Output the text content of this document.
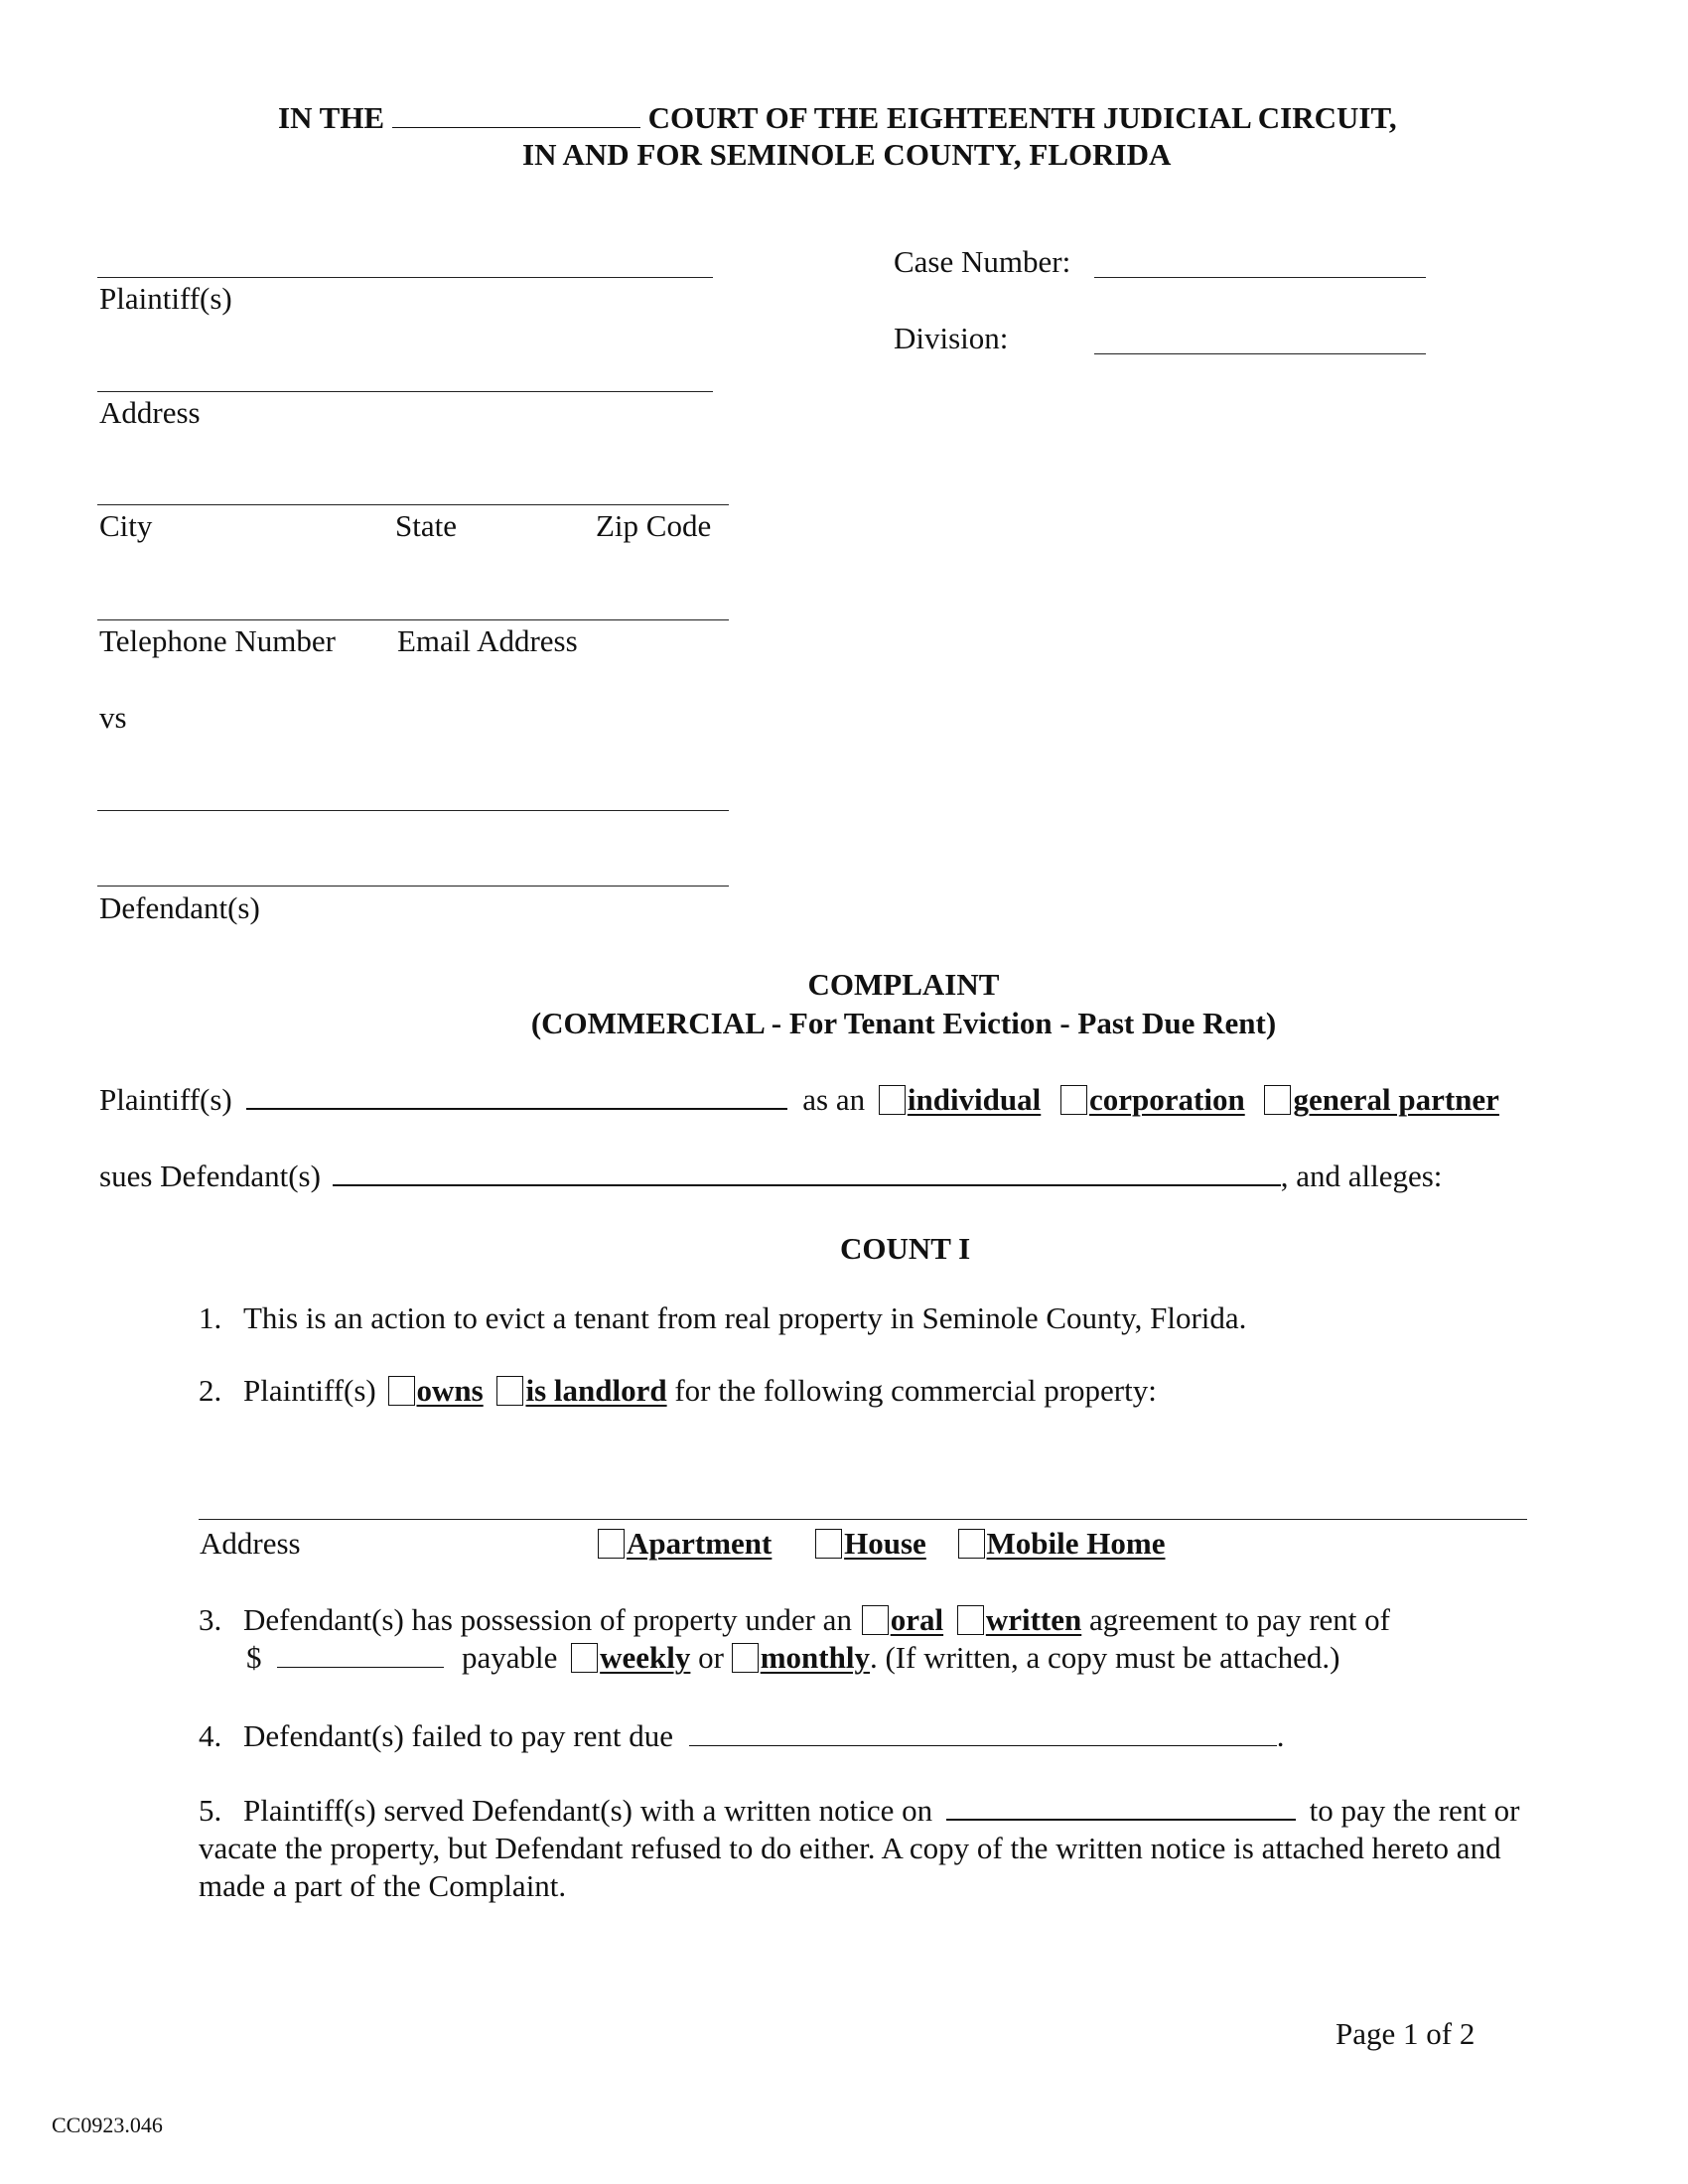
IN THE	COURT OF THE EIGHTEENTH JUDICIAL CIRCUIT,
IN AND FOR SEMINOLE COUNTY, FLORIDA
Plaintiff(s)
Address
City	State	Zip Code
Telephone Number Email Address
vs
Defendant(s)
Case Number:
Division:
COMPLAINT
(COMMERCIAL - For Tenant Eviction - Past Due Rent)
Plaintiff(s)	as an individual corporation general partner
sues Defendant(s)	, and alleges:
COUNT I
1. This is an action to evict a tenant from real property in Seminole County, Florida.
2. Plaintiff(s) owns is landlord for the following commercial property:
Address	Apartment House Mobile Home
3. Defendant(s) has possession of property under an oral written agreement to pay rent of
$	payable weekly or monthly. (If written, a copy must be attached.)
4. Defendant(s) failed to pay rent due	.
5. Plaintiff(s) served Defendant(s) with a written notice on	to pay the rent or
vacate the property, but Defendant refused to do either. A copy of the written notice is attached hereto and
made a part of the Complaint.
Page 1 of 2
CC0923.046
